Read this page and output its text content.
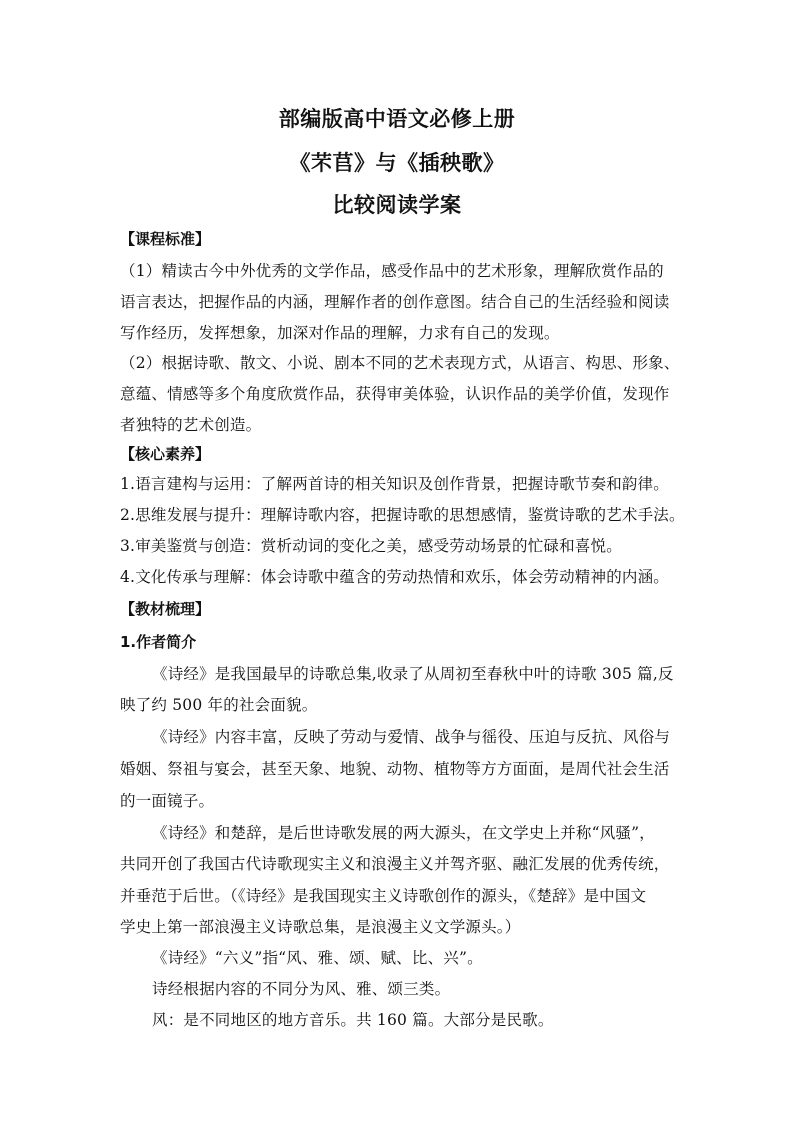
部编版高中语文必修上册
《芣苢》与《插秧歌》
比较阅读学案
【课程标准】
（1）精读古今中外优秀的文学作品，感受作品中的艺术形象，理解欣赏作品的
语言表达，把握作品的内涵，理解作者的创作意图。结合自己的生活经验和阅读
写作经历，发挥想象，加深对作品的理解，力求有自己的发现。
（2）根据诗歌、散文、小说、剧本不同的艺术表现方式，从语言、构思、形象、
意蕴、情感等多个角度欣赏作品，获得审美体验，认识作品的美学价值，发现作
者独特的艺术创造。
【核心素养】
1.语言建构与运用：了解两首诗的相关知识及创作背景，把握诗歌节奏和韵律。
2.思维发展与提升：理解诗歌内容，把握诗歌的思想感情，鉴赏诗歌的艺术手法。
3.审美鉴赏与创造：赏析动词的变化之美，感受劳动场景的忙碌和喜悦。
4.文化传承与理解：体会诗歌中蕴含的劳动热情和欢乐，体会劳动精神的内涵。
【教材梳理】
1.作者简介
《诗经》是我国最早的诗歌总集,收录了从周初至春秋中叶的诗歌 305 篇,反
映了约 500 年的社会面貌。
《诗经》内容丰富，反映了劳动与爱情、战争与徭役、压迫与反抗、风俗与
婚姻、祭祖与宴会，甚至天象、地貌、动物、植物等方方面面，是周代社会生活
的一面镜子。
《诗经》和楚辞，是后世诗歌发展的两大源头，在文学史上并称“风骚”，
共同开创了我国古代诗歌现实主义和浪漫主义并驾齐驱、融汇发展的优秀传统，
并垂范于后世。（《诗经》是我国现实主义诗歌创作的源头，《楚辞》是中国文
学史上第一部浪漫主义诗歌总集，是浪漫主义文学源头。）
《诗经》“六义”指“风、雅、颂、赋、比、兴”。
诗经根据内容的不同分为风、雅、颂三类。
风：是不同地区的地方音乐。共 160 篇。大部分是民歌。
